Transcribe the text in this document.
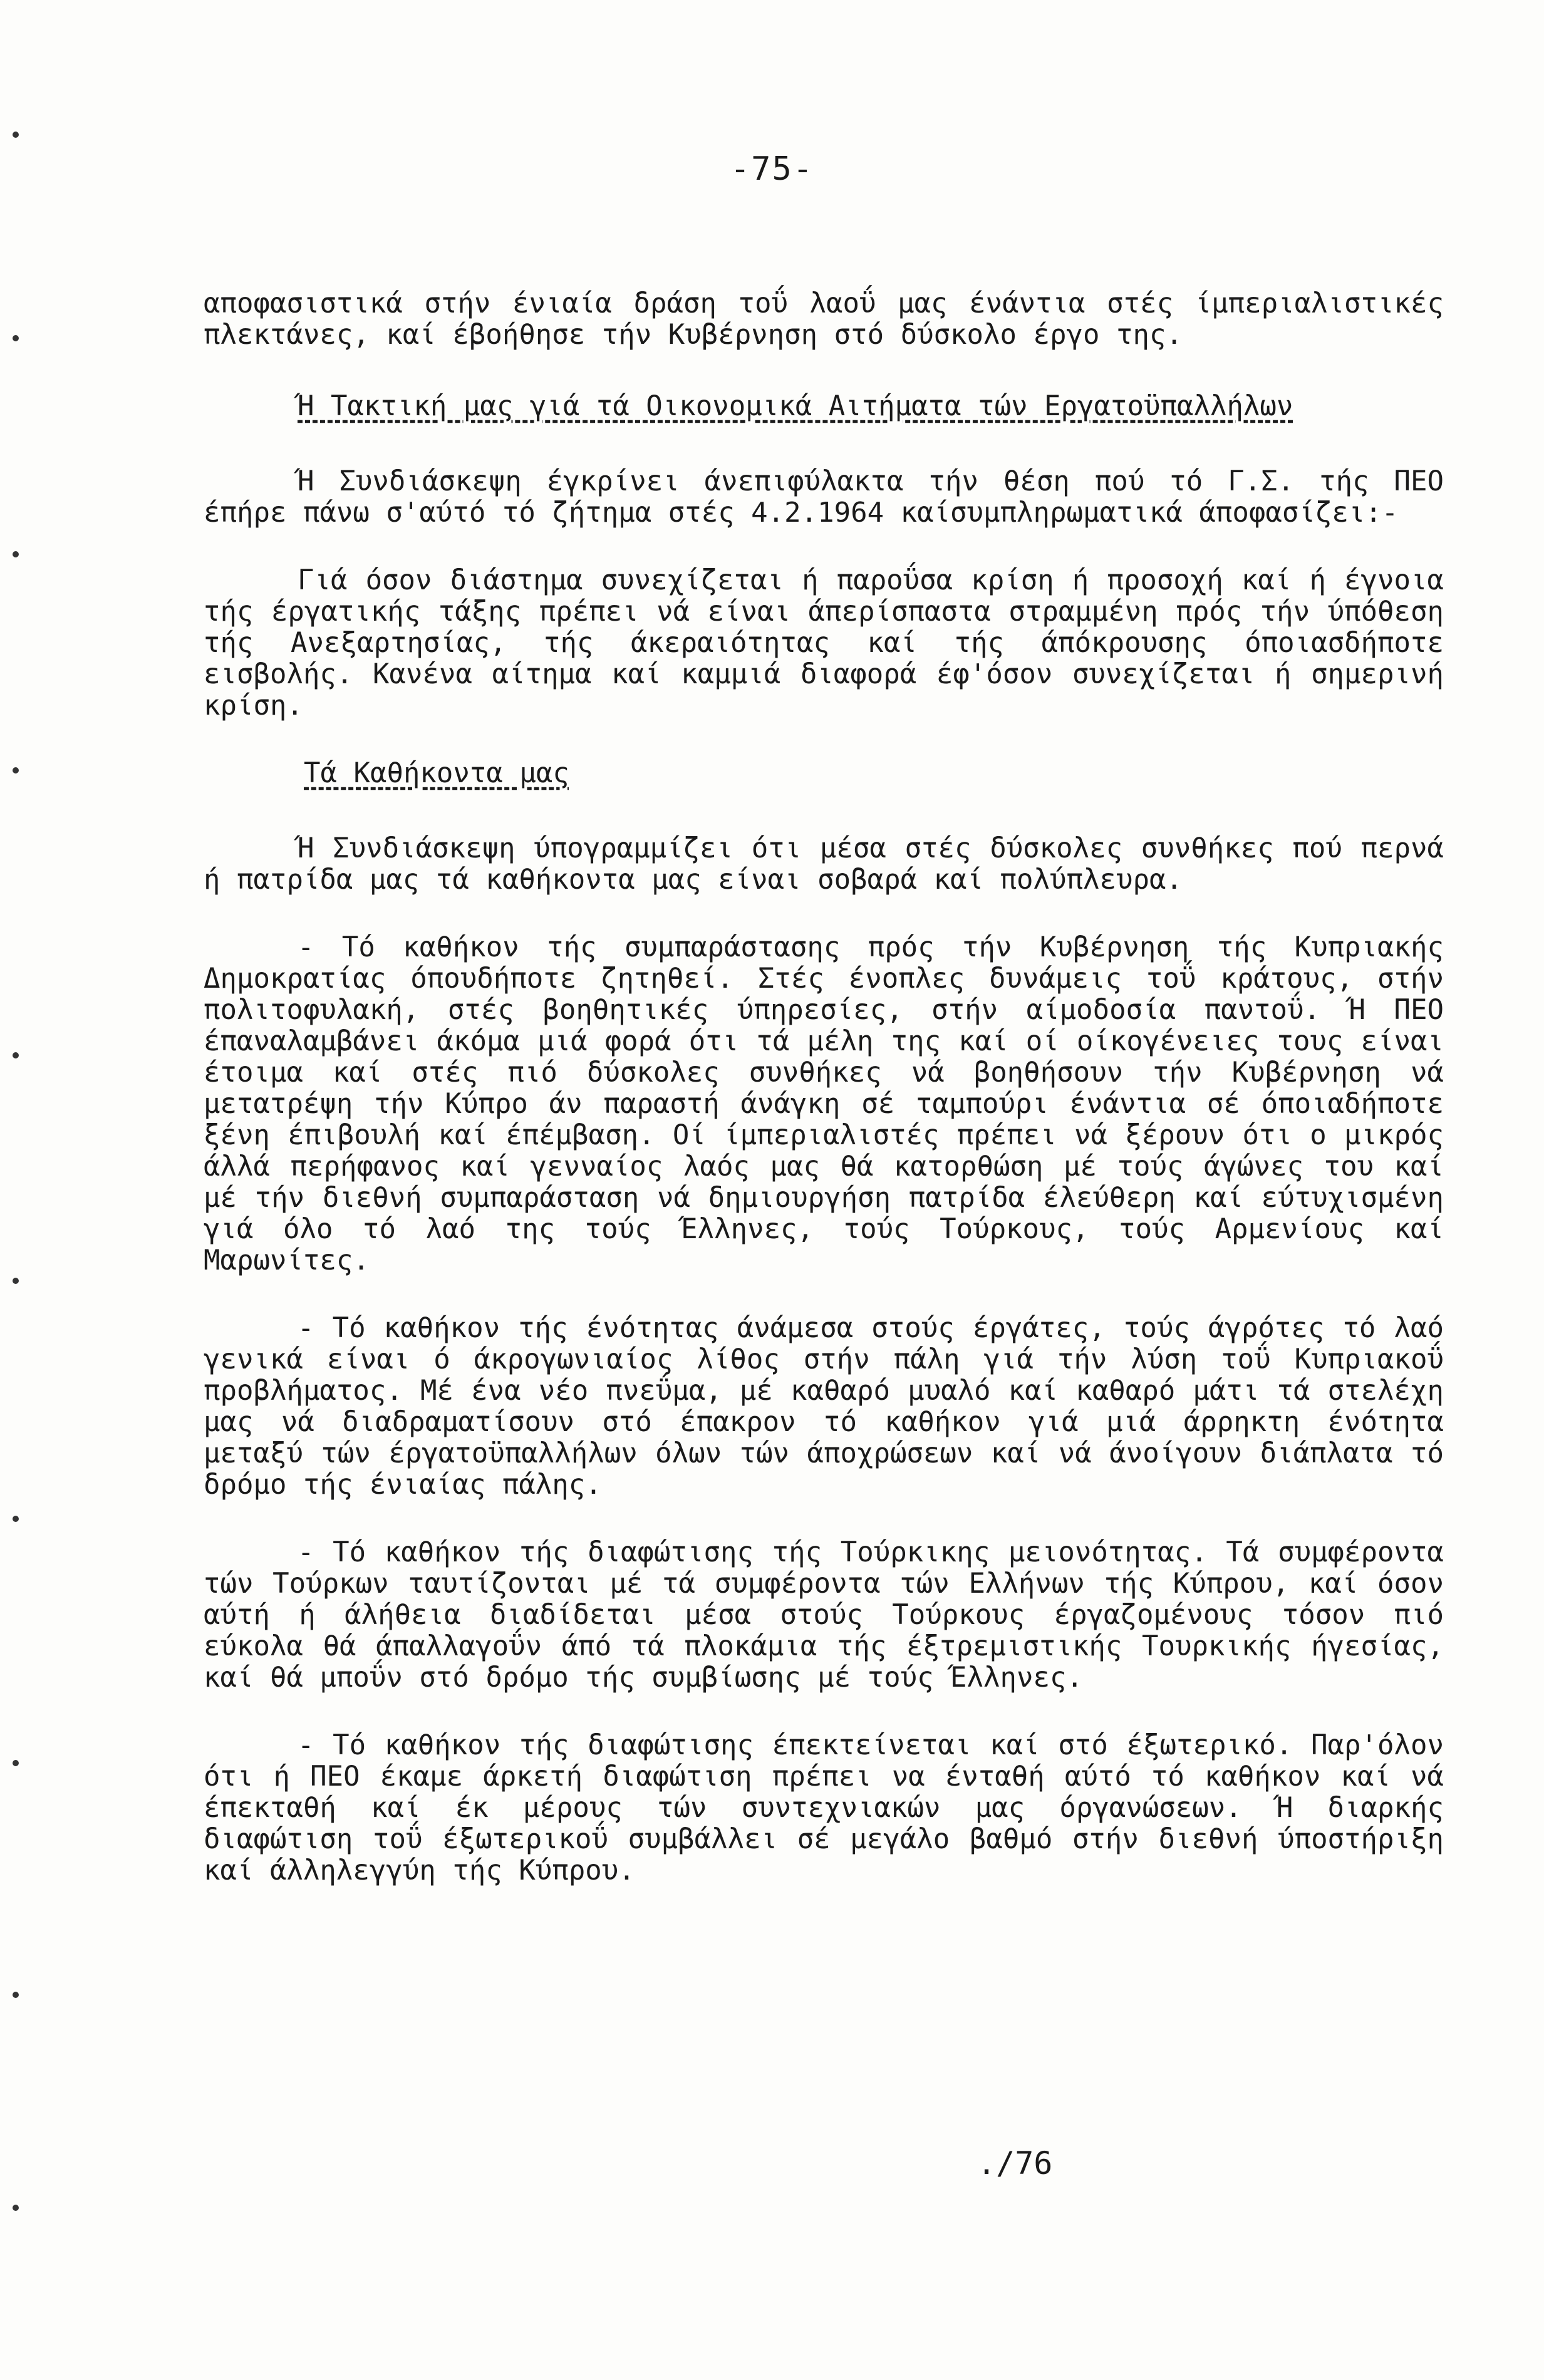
-75-

αποφασιστικά στήν ένιαία δράση τοΰ λαοΰ μας ένάντια στές ίμπεριαλιστικές πλεκτάνες, καί έβοήθησε τήν Κυβέρνηση στό δύσκολο έργο της.

Ή Τακτική μας γιά τά Οικονομικά Αιτήματα τών Εργατοϋπαλλήλων

Ή Συνδιάσκεψη έγκρίνει άνεπιφύλακτα τήν θέση πού τό Γ.Σ. τής ΠΕΟ έπήρε πάνω σ'αύτό τό ζήτημα στές 4.2.1964 καίσυμπληρωματικά άποφασίζει:-

Γιά όσον διάστημα συνεχίζεται ή παροΰσα κρίση ή προσοχή καί ή έγνοια τής έργατικής τάξης πρέπει νά είναι άπερίσπαστα στραμμένη πρός τήν ύπόθεση τής Ανεξαρτησίας, τής άκεραιότητας καί τής άπόκρουσης όποιασδήποτε εισβολής. Κανένα αίτημα καί καμμιά διαφορά έφ'όσον συνεχίζεται ή σημερινή κρίση.

Τά Καθήκοντα μας

Ή Συνδιάσκεψη ύπογραμμίζει ότι μέσα στές δύσκολες συνθήκες πού περνά ή πατρίδα μας τά καθήκοντα μας είναι σοβαρά καί πολύπλευρα.

- Τό καθήκον τής συμπαράστασης πρός τήν Κυβέρνηση τής Κυπριακής Δημοκρατίας όπουδήποτε ζητηθεί. Στές ένοπλες δυνάμεις τοΰ κράτους, στήν πολιτοφυλακή, στές βοηθητικές ύπηρεσίες, στήν αίμοδοσία παντοΰ. Ή ΠΕΟ έπαναλαμβάνει άκόμα μιά φορά ότι τά μέλη της καί οί οίκογένειες τους είναι έτοιμα καί στές πιό δύσκολες συνθήκες νά βοηθήσουν τήν Κυβέρνηση νά μετατρέψη τήν Κύπρο άν παραστή άνάγκη σέ ταμπούρι ένάντια σέ όποιαδήποτε ξένη έπιβουλή καί έπέμβαση. Οί ίμπεριαλιστές πρέπει νά ξέρουν ότι ο μικρός άλλά περήφανος καί γενναίος λαός μας θά κατορθώση μέ τούς άγώνες του καί μέ τήν διεθνή συμπαράσταση νά δημιουργήση πατρίδα έλεύθερη καί εύτυχισμένη γιά όλο τό λαό της τούς Έλληνες, τούς Τούρκους, τούς Αρμενίους καί Μαρωνίτες.

- Τό καθήκον τής ένότητας άνάμεσα στούς έργάτες, τούς άγρότες τό λαό γενικά είναι ό άκρογωνιαίος λίθος στήν πάλη γιά τήν λύση τοΰ Κυπριακοΰ προβλήματος. Μέ ένα νέο πνεΰμα, μέ καθαρό μυαλό καί καθαρό μάτι τά στελέχη μας νά διαδραματίσουν στό έπακρον τό καθήκον γιά μιά άρρηκτη ένότητα μεταξύ τών έργατοϋπαλλήλων όλων τών άποχρώσεων καί νά άνοίγουν διάπλατα τό δρόμο τής ένιαίας πάλης.

- Τό καθήκον τής διαφώτισης τής Τούρκικης μειονότητας. Τά συμφέροντα τών Τούρκων ταυτίζονται μέ τά συμφέροντα τών Ελλήνων τής Κύπρου, καί όσον αύτή ή άλήθεια διαδίδεται μέσα στούς Τούρκους έργαζομένους τόσον πιό εύκολα θά άπαλλαγοΰν άπό τά πλοκάμια τής έξτρεμιστικής Τουρκικής ήγεσίας, καί θά μποΰν στό δρόμο τής συμβίωσης μέ τούς Έλληνες.

- Τό καθήκον τής διαφώτισης έπεκτείνεται καί στό έξωτερικό. Παρ'όλον ότι ή ΠΕΟ έκαμε άρκετή διαφώτιση πρέπει να ένταθή αύτό τό καθήκον καί νά έπεκταθή καί έκ μέρους τών συντεχνιακών μας όργανώσεων. Ή διαρκής διαφώτιση τοΰ έξωτερικοΰ συμβάλλει σέ μεγάλο βαθμό στήν διεθνή ύποστήριξη καί άλληλεγγύη τής Κύπρου.

./76
